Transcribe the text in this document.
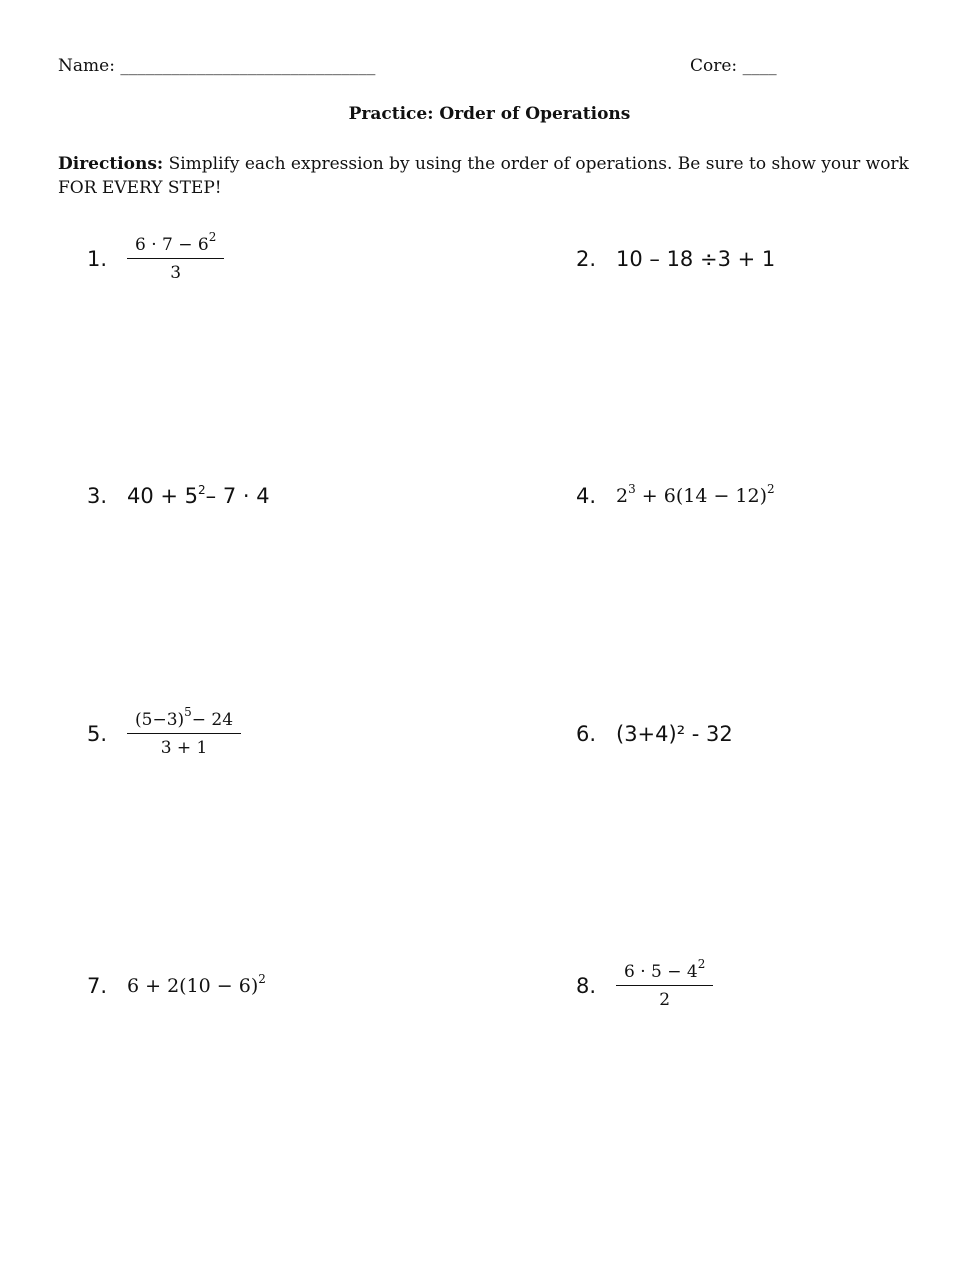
Name: ______________________________	Core: ____
Practice: Order of Operations
Directions: Simplify each expression by using the order of operations. Be sure to show your work FOR EVERY STEP!
1.	$\frac{6 \cdot 7 - 6^2}{3}$	2. 10 – 18 ÷3 + 1
3. $40 + 5^2-$ 7 · 4	4.	$2^3 + 6(14 - 12)^2$
5.	$\frac{(5-3)^5- 24}{3 + 1}$	6. (3+4)² - 32
7.	$6 + 2(10 - 6)^2$	8.	$\frac{6 \cdot 5 - 4^2}{2}$
